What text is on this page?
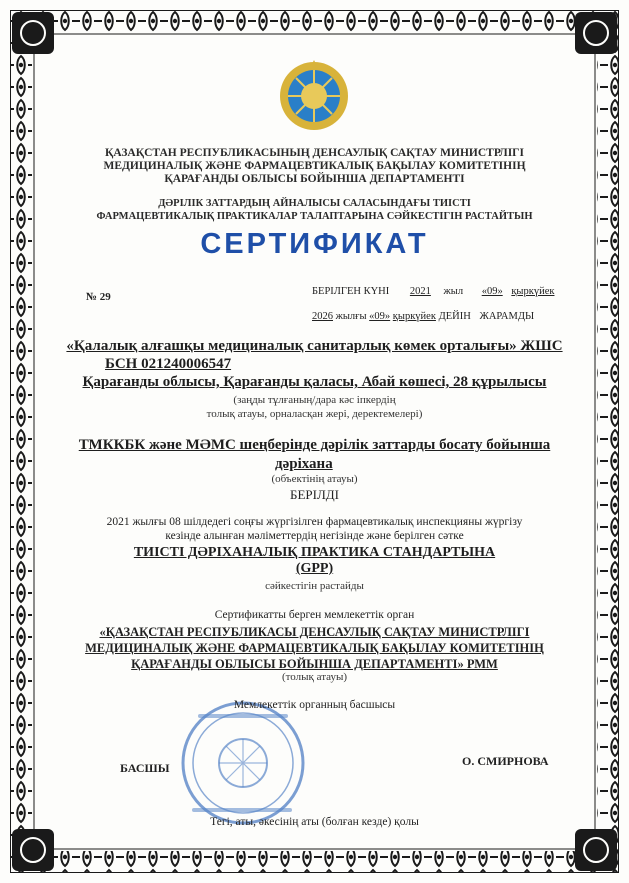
ҚАЗАҚСТАН РЕСПУБЛИКАСЫНЫҢ ДЕНСАУЛЫҚ САҚТАУ МИНИСТРЛІГІ
МЕДИЦИНАЛЫҚ ЖӘНЕ ФАРМАЦЕВТИКАЛЫҚ БАҚЫЛАУ КОМИТЕТІНІҢ
ҚАРАҒАНДЫ ОБЛЫСЫ БОЙЫНША ДЕПАРТАМЕНТІ
ДӘРІЛІК ЗАТТАРДЫҢ АЙНАЛЫСЫ САЛАСЫНДАҒЫ ТИІСТІ
ФАРМАЦЕВТИКАЛЫҚ ПРАКТИКАЛАР ТАЛАПТАРЫНА СӘЙКЕСТІГІН РАСТАЙТЫН
СЕРТИФИКАТ
№ 29	БЕРІЛГЕН КҮНІ 2021 жыл «09» қыркүйек
2026 жылғы «09» қыркүйек ДЕЙІН ЖАРАМДЫ
«Қалалық алғашқы медициналық санитарлық көмек орталығы» ЖШС
БСН 021240006547
Қарағанды облысы, Қарағанды қаласы, Абай көшесі, 28 құрылысы
(заңды тұлғаның/дара кәс іпкердің
толық атауы, орналасқан жері, деректемелері)
ТМККБК және МӘМС шеңберінде дәрілік заттарды босату бойынша
дәріхана
(объектінің атауы)
БЕРІЛДІ
2021 жылғы 08 шілдедегі соңғы жүргізілген фармацевтикалық инспекцияны жүргізу
кезінде алынған мәліметтердің негізінде және берілген сәтке
ТИІСТІ ДӘРІХАНАЛЫҚ ПРАКТИКА СТАНДАРТЫНА
(GPP)
сәйкестігін растайды
Сертификатты берген мемлекеттік орган
«ҚАЗАҚСТАН РЕСПУБЛИКАСЫ ДЕНСАУЛЫҚ САҚТАУ МИНИСТРЛІГІ
МЕДИЦИНАЛЫҚ ЖӘНЕ ФАРМАЦЕВТИКАЛЫҚ БАҚЫЛАУ КОМИТЕТІНІҢ
ҚАРАҒАНДЫ ОБЛЫСЫ БОЙЫНША ДЕПАРТАМЕНТІ» РММ
(толық атауы)
Мемлекеттік органның басшысы
БАСШЫ	О. СМИРНОВА
Тегі, аты, әкесінің аты (болған кезде) қолы
